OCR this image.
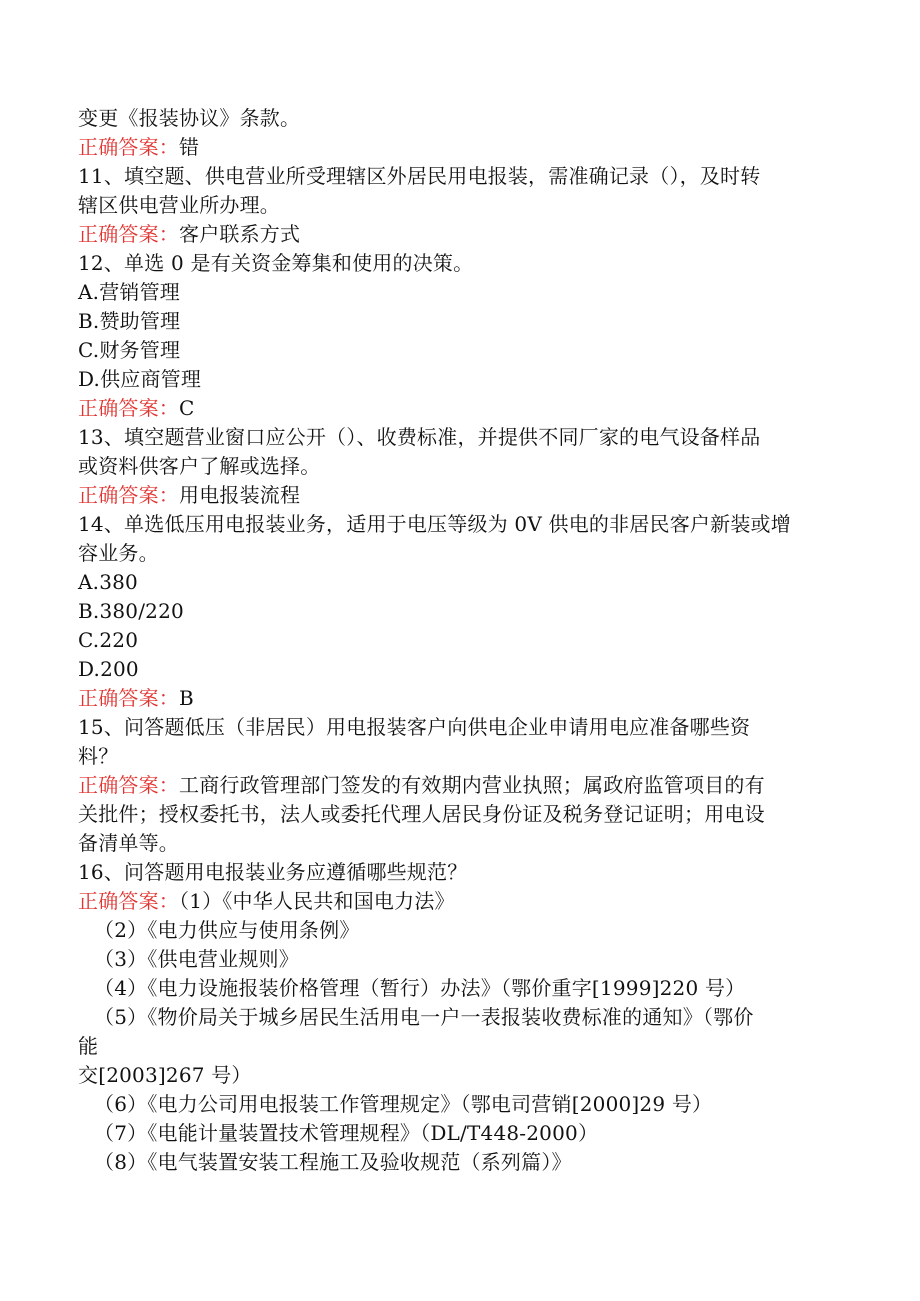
变更《报装协议》条款。
正确答案：错
11、填空题、供电营业所受理辖区外居民用电报装，需准确记录（），及时转
辖区供电营业所办理。
正确答案：客户联系方式
12、单选 0 是有关资金筹集和使用的决策。
A.营销管理
B.赞助管理
C.财务管理
D.供应商管理
正确答案：C
13、填空题营业窗口应公开（）、收费标准，并提供不同厂家的电气设备样品
或资料供客户了解或选择。
正确答案：用电报装流程
14、单选低压用电报装业务，适用于电压等级为 0V 供电的非居民客户新装或增
容业务。
A.380
B.380/220
C.220
D.200
正确答案：B
15、问答题低压（非居民）用电报装客户向供电企业申请用电应准备哪些资
料？
正确答案：工商行政管理部门签发的有效期内营业执照；属政府监管项目的有
关批件；授权委托书，法人或委托代理人居民身份证及税务登记证明；用电设
备清单等。
16、问答题用电报装业务应遵循哪些规范？
正确答案：（1）《中华人民共和国电力法》
（2）《电力供应与使用条例》
（3）《供电营业规则》
（4）《电力设施报装价格管理（暂行）办法》（鄂价重字[1999]220 号）
（5）《物价局关于城乡居民生活用电一户一表报装收费标准的通知》（鄂价
能
交[2003]267 号）
（6）《电力公司用电报装工作管理规定》（鄂电司营销[2000]29 号）
（7）《电能计量装置技术管理规程》（DL/T448-2000）
（8）《电气装置安装工程施工及验收规范（系列篇）》
